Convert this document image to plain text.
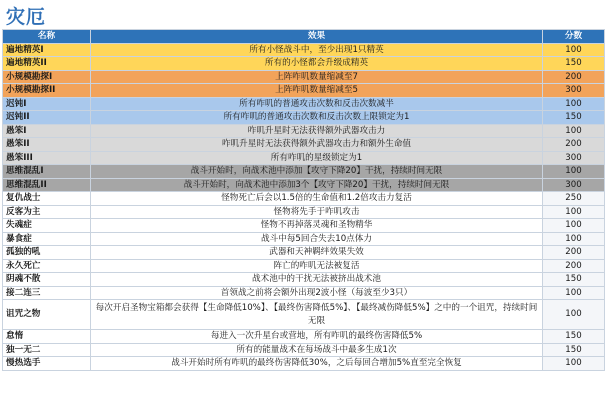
灾厄
名称	效果	分数
遍地精英I	所有小怪战斗中，至少出现1只精英	100
遍地精英II	所有的小怪都会升级成精英	150
小规模勘探I	上阵咋叽数量缩减至7	200
小规模勘探II	上阵咋叽数量缩减至5	300
迟钝I	所有咋叽的普通攻击次数和反击次数减半	100
迟钝II	所有咋叽的普通攻击次数和反击次数上限锁定为1	150
愚笨I	咋叽升星时无法获得额外武器攻击力	100
愚笨II	咋叽升星时无法获得额外武器攻击力和额外生命值	200
愚笨III	所有咋叽的星级锁定为1	300
思维混乱I	战斗开始时，向战术池中添加【攻守下降20】干扰，持续时间无限	100
思维混乱II	战斗开始时，向战术池中添加3个【攻守下降20】干扰，持续时间无限	300
复仇战士	怪物死亡后会以1.5倍的生命值和1.2倍攻击力复活	250
反客为主	怪物将先手于咋叽攻击	100
失魂症	怪物不再掉落灵魂和圣物精华	100
暴食症	战斗中每5回合失去10点体力	100
孤独的吼	武器和天神羁绊效果失效	200
永久死亡	阵亡的咋叽无法被复活	200
阴魂不散	战术池中的干扰无法被挤出战术池	150
接二连三	首领战之前将会额外出现2波小怪（每波至少3只）	100
诅咒之物	每次开启圣物宝箱都会获得【生命降低10%】、【最终伤害降低5%】、【最终减伤降低5%】之中的一个诅咒，持续时间无限	100
怠惰	每进入一次升星台或营地，所有咋叽的最终伤害降低5%	150
独一无二	所有的能量战术在每场战斗中最多生成1次	150
慢热选手	战斗开始时所有咋叽的最终伤害降低30%，之后每回合增加5%直至完全恢复	100
